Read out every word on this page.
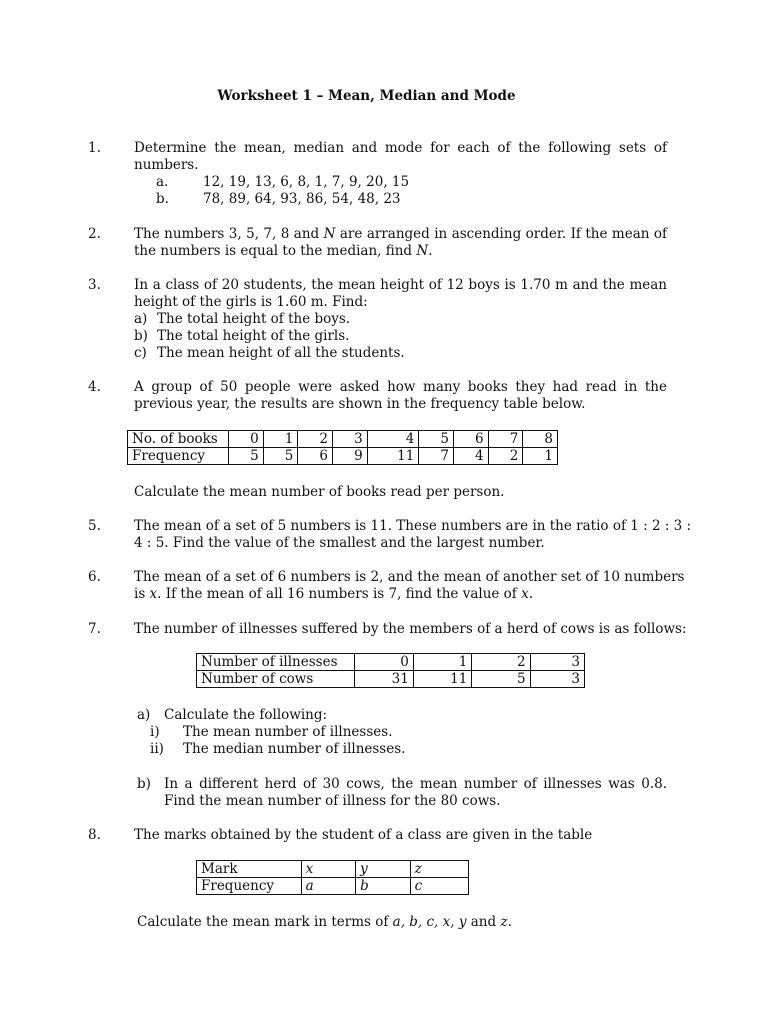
Worksheet 1 – Mean, Median and Mode
1. Determine the mean, median and mode for each of the following sets of numbers.
a.	12, 19, 13, 6, 8, 1, 7, 9, 20, 15
b.	78, 89, 64, 93, 86, 54, 48, 23
2. The numbers 3, 5, 7, 8 and N are arranged in ascending order. If the mean of the numbers is equal to the median, find N.
3. In a class of 20 students, the mean height of 12 boys is 1.70 m and the mean height of the girls is 1.60 m. Find:
a) The total height of the boys.
b) The total height of the girls.
c) The mean height of all the students.
4. A group of 50 people were asked how many books they had read in the previous year, the results are shown in the frequency table below.
No. of books	0	1	2	3	4	5	6	7	8
Frequency	5	5	6	9	11	7	4	2	1
Calculate the mean number of books read per person.
5. The mean of a set of 5 numbers is 11. These numbers are in the ratio of 1 : 2 : 3 :
4 : 5. Find the value of the smallest and the largest number.
6. The mean of a set of 6 numbers is 2, and the mean of another set of 10 numbers
is x. If the mean of all 16 numbers is 7, find the value of x.
7. The number of illnesses suffered by the members of a herd of cows is as follows:
Number of illnesses	0	1	2	3
Number of cows	31	11	5	3
a) Calculate the following:
i) The mean number of illnesses.
ii) The median number of illnesses.
b) In a different herd of 30 cows, the mean number of illnesses was 0.8. Find the mean number of illness for the 80 cows.
8. The marks obtained by the student of a class are given in the table
Mark	x	y	z
Frequency	a	b	c
Calculate the mean mark in terms of a, b, c, x, y and z.
